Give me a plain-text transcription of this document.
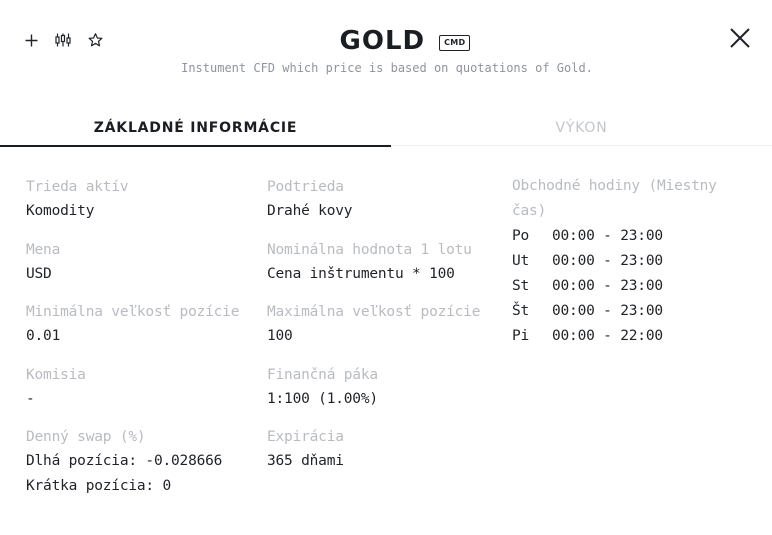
GOLD	CMD
Instument CFD which price is based on quotations of Gold.
ZÁKLADNÉ INFORMÁCIE	VÝKON
Trieda aktív
Komodity
Mena
USD
Minimálna veľkosť pozície
0.01
Komisia
-
Denný swap (%)
Dlhá pozícia: -0.028666
Krátka pozícia: 0
Podtrieda
Drahé kovy
Nominálna hodnota 1 lotu
Cena inštrumentu * 100
Maximálna veľkosť pozície
100
Finančná páka
1:100 (1.00%)
Expirácia
365 dňami
Obchodné hodiny (Miestny
čas)
Po	00:00 - 23:00
Ut	00:00 - 23:00
St	00:00 - 23:00
Št	00:00 - 23:00
Pi	00:00 - 22:00
